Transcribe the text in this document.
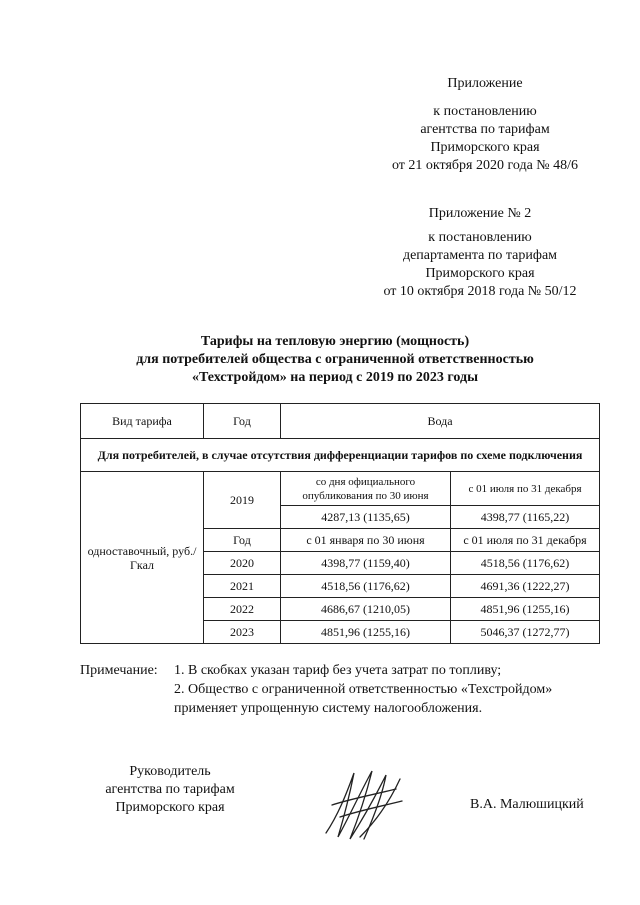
Приложение
к постановлению
агентства по тарифам
Приморского края
от 21 октября 2020 года № 48/6
Приложение № 2
к постановлению
департамента по тарифам
Приморского края
от 10 октября 2018 года № 50/12
Тарифы на тепловую энергию (мощность)
для потребителей общества с ограниченной ответственностью
«Техстройдом» на период с 2019 по 2023 годы
Вид тарифа	Год	Вода	
Для потребителей, в случае отсутствия дифференциации тарифов по схеме подключения			
одноставочный, руб./Гкал	2019	со дня официального опубликования по 30 июня	с 01 июля по 31 декабря
		4287,13 (1135,65)	4398,77 (1165,22)
	Год	с 01 января по 30 июня	с 01 июля по 31 декабря
	2020	4398,77 (1159,40)	4518,56 (1176,62)
	2021	4518,56 (1176,62)	4691,36 (1222,27)
	2022	4686,67 (1210,05)	4851,96 (1255,16)
	2023	4851,96 (1255,16)	5046,37 (1272,77)
Примечание: 1. В скобках указан тариф без учета затрат по топливу;
2. Общество с ограниченной ответственностью «Техстройдом»
применяет упрощенную систему налогообложения.
Руководитель
агентства по тарифам
Приморского края	В.А. Малюшицкий
